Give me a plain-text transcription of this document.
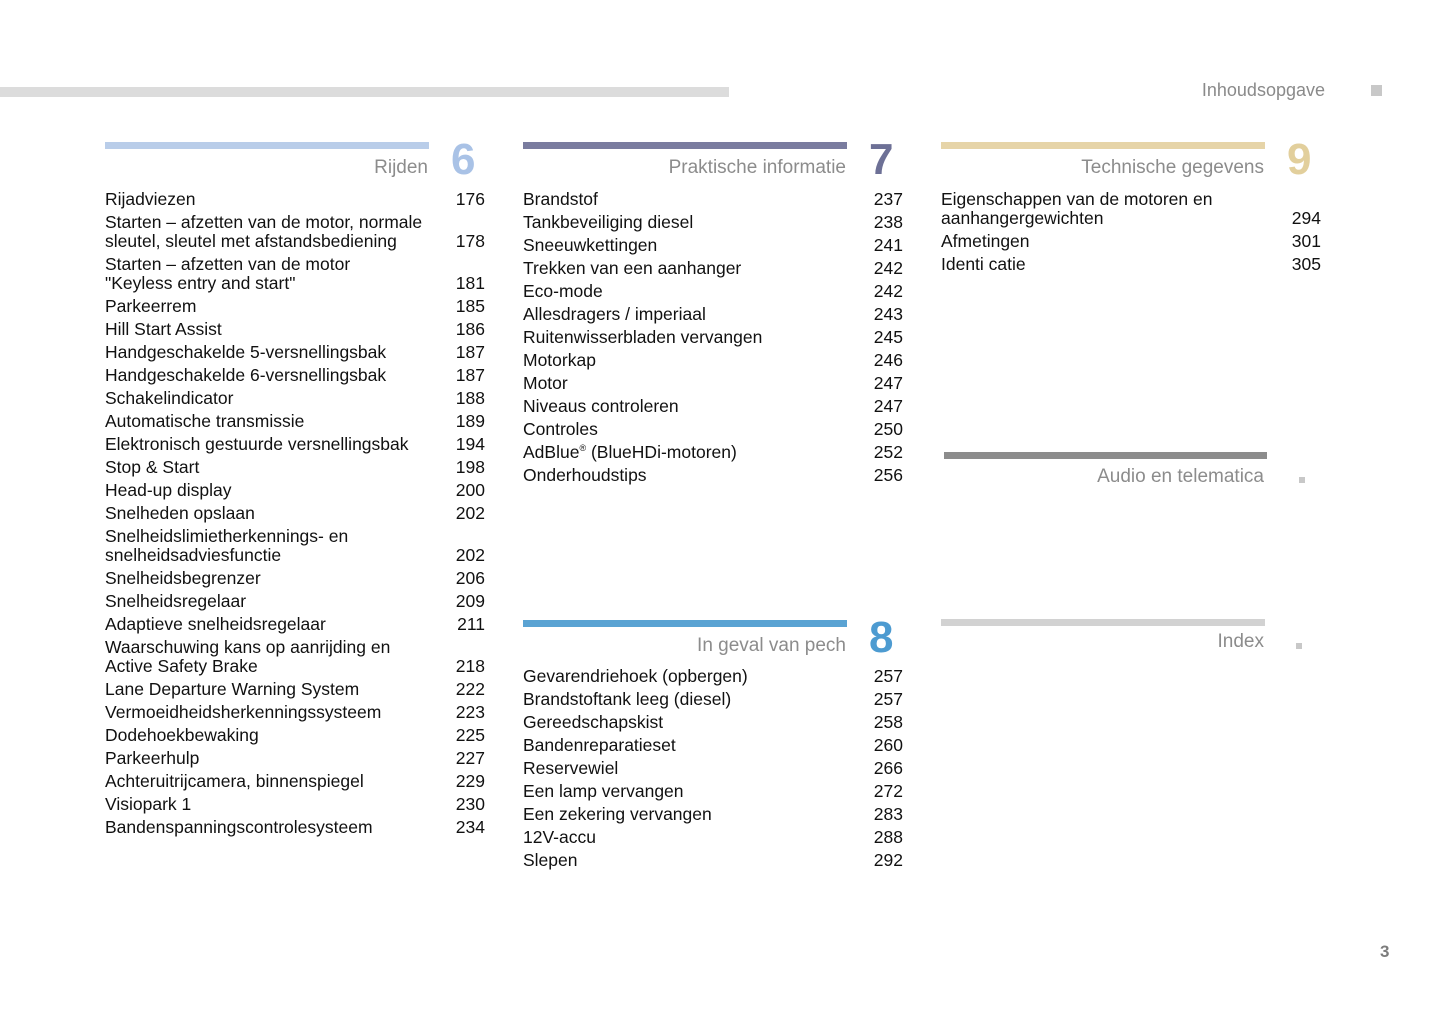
Inhoudsopgave
Rijden 6
Rijadviezen	176
Starten – afzetten van de motor, normale
sleutel, sleutel met afstandsbediening	178
Starten – afzetten van de motor
"Keyless entry and start"	181
Parkeerrem	185
Hill Start Assist	186
Handgeschakelde 5-versnellingsbak	187
Handgeschakelde 6-versnellingsbak	187
Schakelindicator	188
Automatische transmissie	189
Elektronisch gestuurde versnellingsbak	194
Stop & Start	198
Head-up display	200
Snelheden opslaan	202
Snelheidslimietherkennings- en
snelheidsadviesfunctie	202
Snelheidsbegrenzer	206
Snelheidsregelaar	209
Adaptieve snelheidsregelaar	211
Waarschuwing kans op aanrijding en
Active Safety Brake	218
Lane Departure Warning System	222
Vermoeidheidsherkenningssysteem	223
Dodehoekbewaking	225
Parkeerhulp	227
Achteruitrijcamera, binnenspiegel	229
Visiopark 1	230
Bandenspanningscontrolesysteem	234
Praktische informatie 7
Brandstof	237
Tankbeveiliging diesel	238
Sneeuwkettingen	241
Trekken van een aanhanger	242
Eco-mode	242
Allesdragers / imperiaal	243
Ruitenwisserbladen vervangen	245
Motorkap	246
Motor	247
Niveaus controleren	247
Controles	250
AdBlue® (BlueHDi-motoren)	252
Onderhoudstips	256
In geval van pech 8
Gevarendriehoek (opbergen)	257
Brandstoftank leeg (diesel)	257
Gereedschapskist	258
Bandenreparatieset	260
Reservewiel	266
Een lamp vervangen	272
Een zekering vervangen	283
12V-accu	288
Slepen	292
Technische gegevens 9
Eigenschappen van de motoren en
aanhangergewichten	294
Afmetingen	301
Identi catie	305
Audio en telematica
Index
3
